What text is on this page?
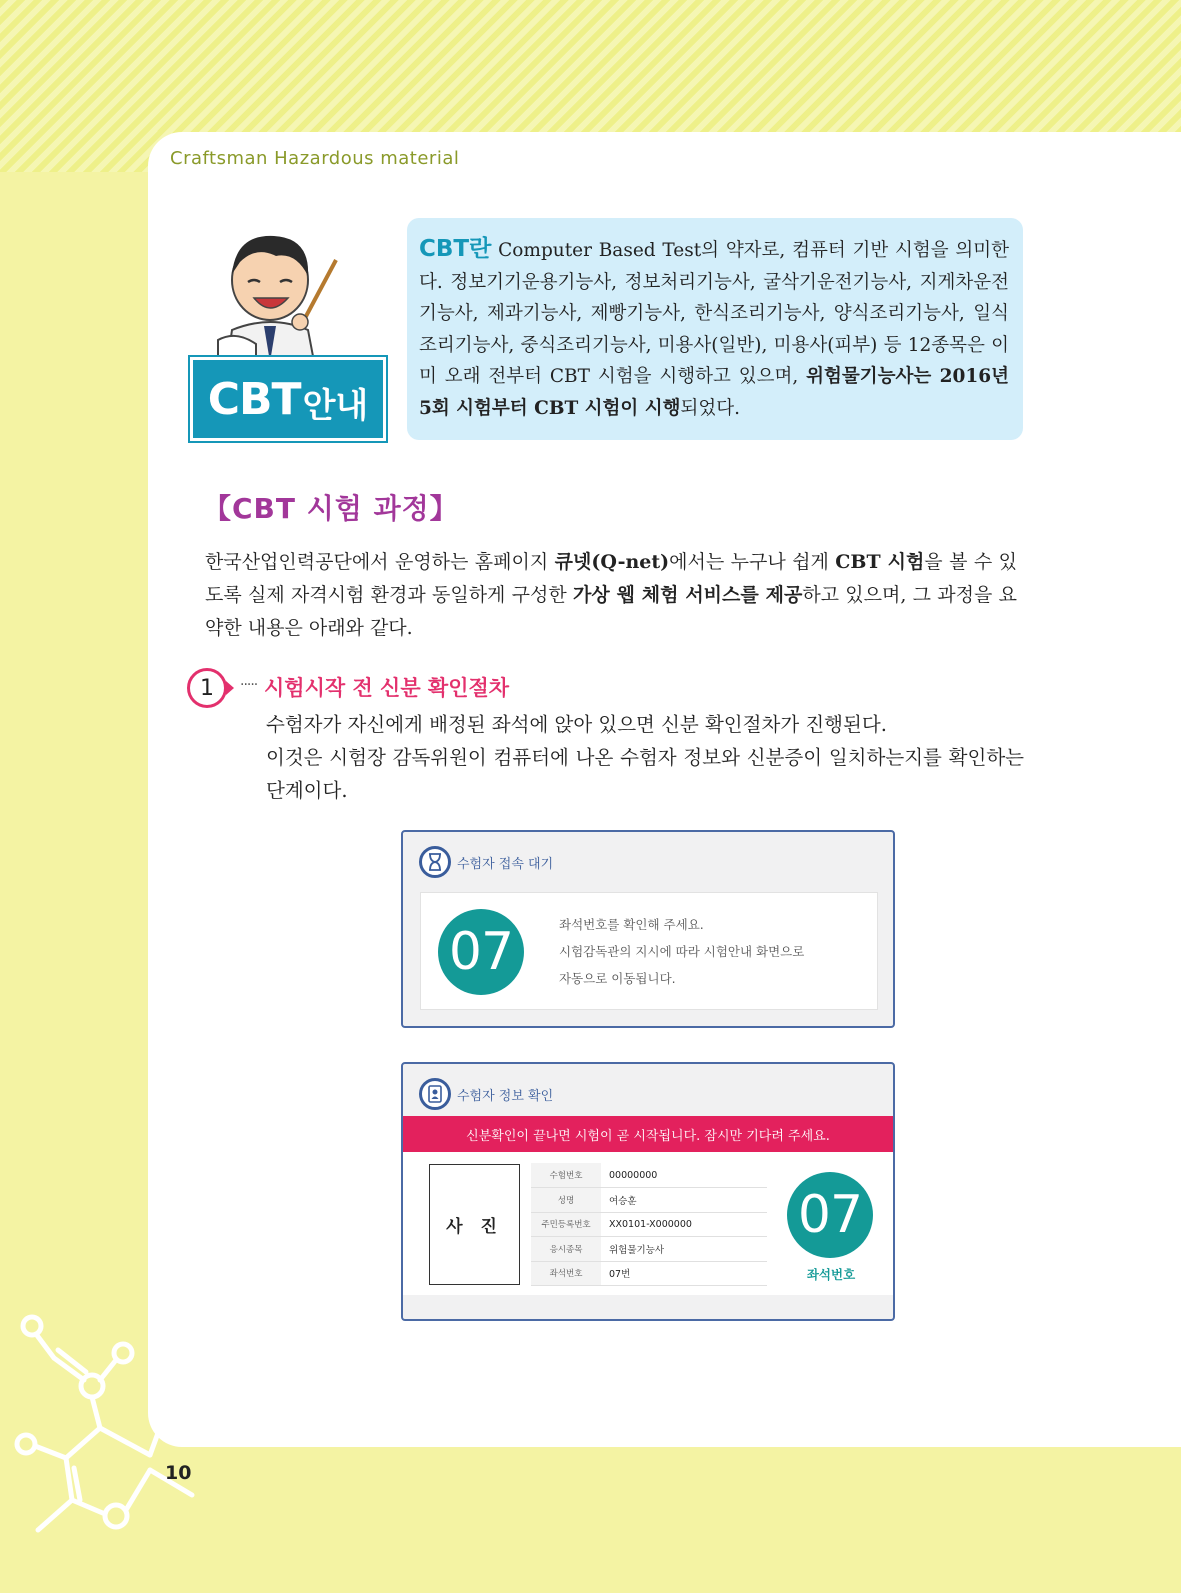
Craftsman Hazardous material
CBT 안내
CBT란 Computer Based Test의 약자로, 컴퓨터 기반 시험을 의미한다. 정보기기운용기능사, 정보처리기능사, 굴삭기운전기능사, 지게차운전기능사, 제과기능사, 제빵기능사, 한식조리기능사, 양식조리기능사, 일식조리기능사, 중식조리기능사, 미용사(일반), 미용사(피부) 등 12종목은 이미 오래 전부터 CBT 시험을 시행하고 있으며, 위험물기능사는 2016년 5회 시험부터 CBT 시험이 시행되었다.
【CBT 시험 과정】
한국산업인력공단에서 운영하는 홈페이지 큐넷(Q-net)에서는 누구나 쉽게 CBT 시험을 볼 수 있도록 실제 자격시험 환경과 동일하게 구성한 가상 웹 체험 서비스를 제공하고 있으며, 그 과정을 요약한 내용은 아래와 같다.
1	····· 시험시작 전 신분 확인절차
수험자가 자신에게 배정된 좌석에 앉아 있으면 신분 확인절차가 진행된다.
이것은 시험장 감독위원이 컴퓨터에 나온 수험자 정보와 신분증이 일치하는지를 확인하는 단계이다.
수험자 접속 대기
07	좌석번호를 확인해 주세요.
시험감독관의 지시에 따라 시험안내 화면으로
자동으로 이동됩니다.
수험자 정보 확인
신분확인이 끝나면 시험이 곧 시작됩니다. 잠시만 기다려 주세요.
사 진
수험번호	00000000
성명	여승훈
주민등록번호	XX0101-X000000
응시종목	위험물기능사
좌석번호	07번
07
좌석번호
10
